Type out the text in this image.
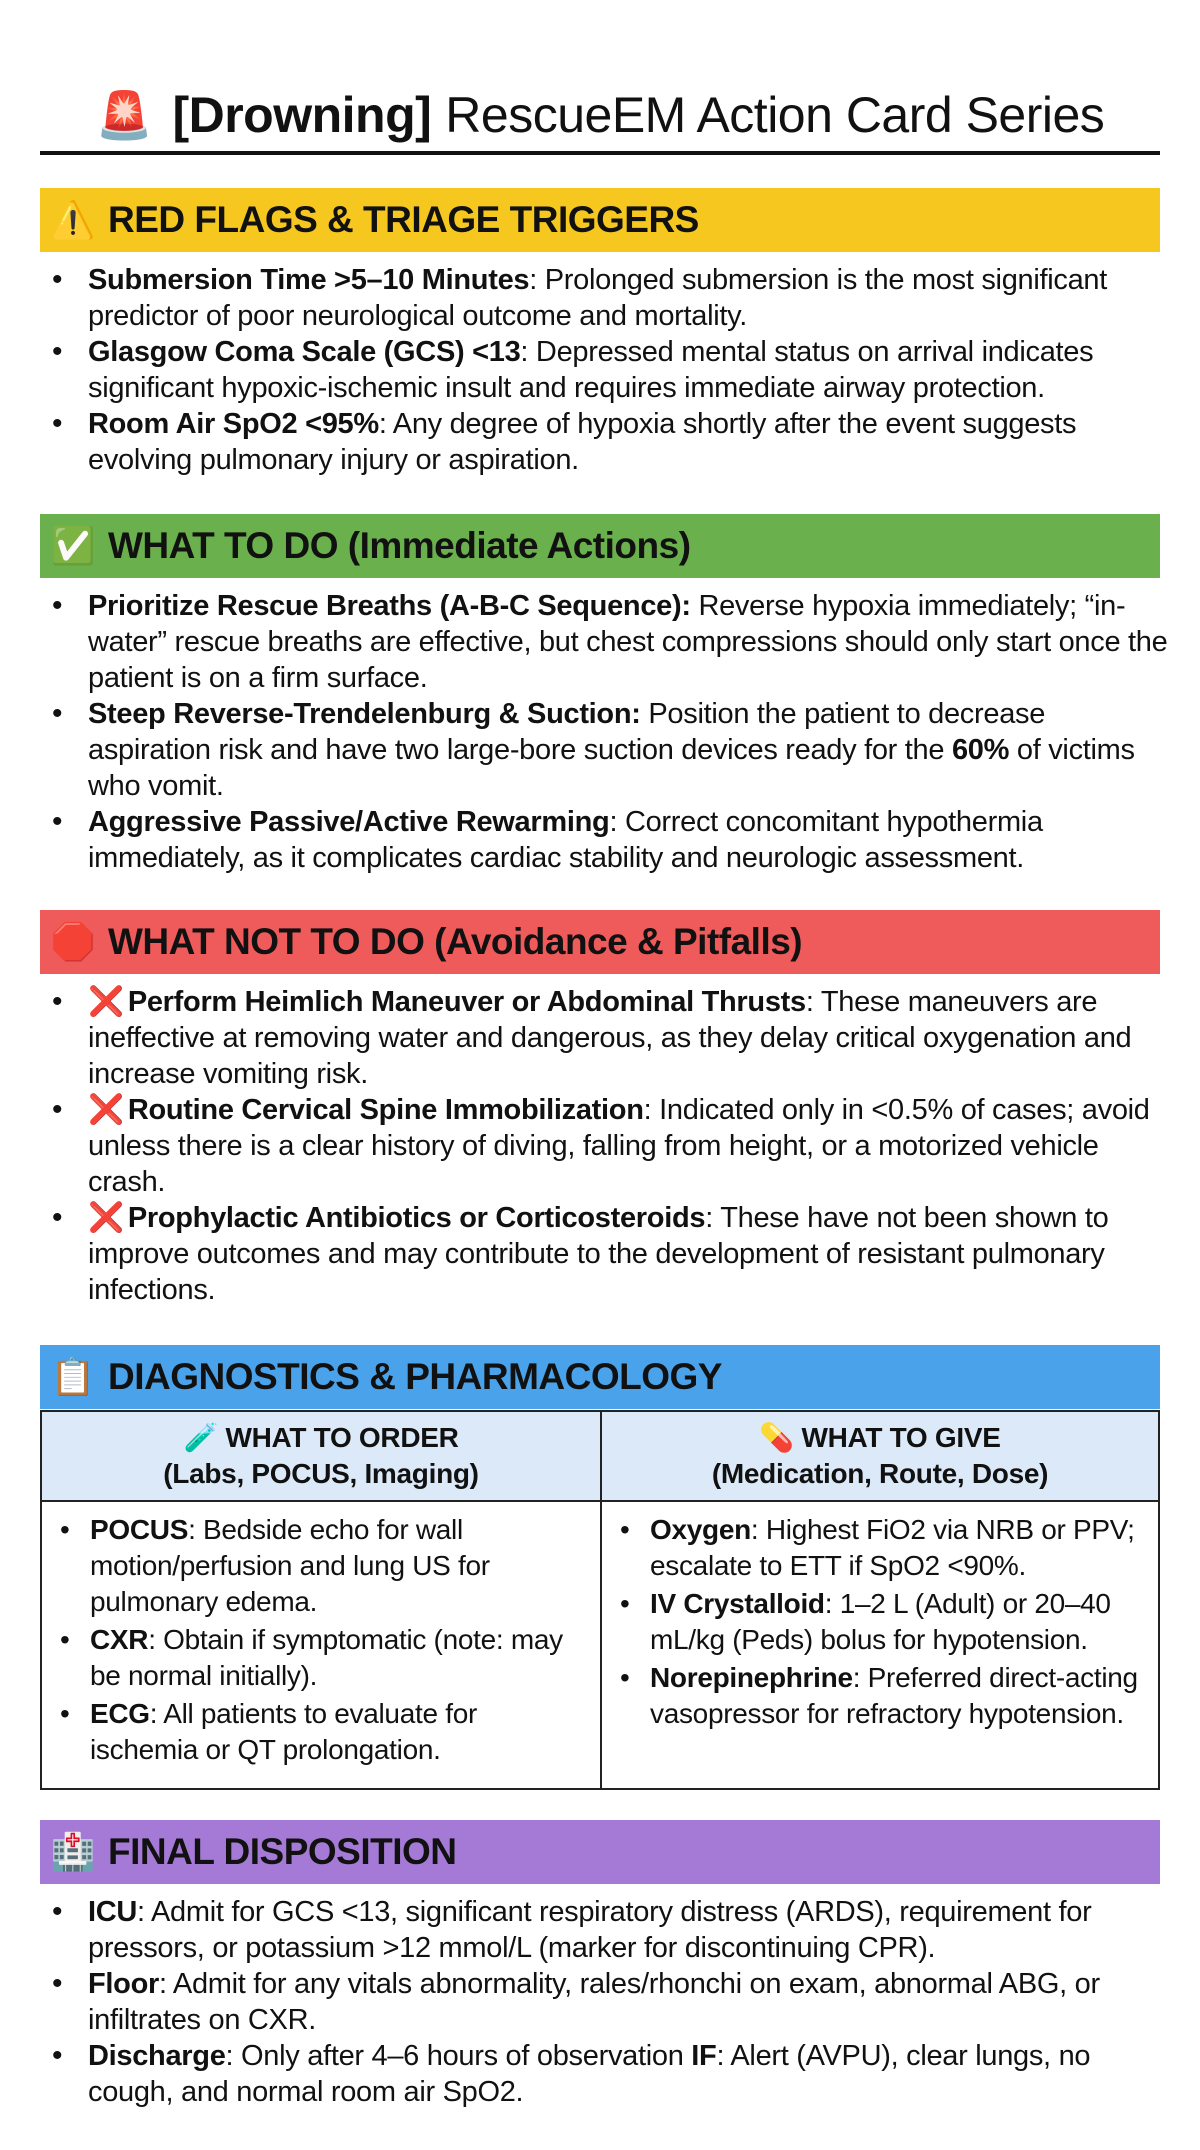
🚨 [Drowning] RescueEM Action Card Series
⚠️ RED FLAGS & TRIAGE TRIGGERS
• Submersion Time >5–10 Minutes: Prolonged submersion is the most significant predictor of poor neurological outcome and mortality.
• Glasgow Coma Scale (GCS) <13: Depressed mental status on arrival indicates significant hypoxic-ischemic insult and requires immediate airway protection.
• Room Air SpO2 <95%: Any degree of hypoxia shortly after the event suggests evolving pulmonary injury or aspiration.
✅ WHAT TO DO (Immediate Actions)
• Prioritize Rescue Breaths (A-B-C Sequence): Reverse hypoxia immediately; “in-water” rescue breaths are effective, but chest compressions should only start once the patient is on a firm surface.
• Steep Reverse-Trendelenburg & Suction: Position the patient to decrease aspiration risk and have two large-bore suction devices ready for the 60% of victims who vomit.
• Aggressive Passive/Active Rewarming: Correct concomitant hypothermia immediately, as it complicates cardiac stability and neurologic assessment.
🛑 WHAT NOT TO DO (Avoidance & Pitfalls)
• ❌ Perform Heimlich Maneuver or Abdominal Thrusts: These maneuvers are ineffective at removing water and dangerous, as they delay critical oxygenation and increase vomiting risk.
• ❌ Routine Cervical Spine Immobilization: Indicated only in <0.5% of cases; avoid unless there is a clear history of diving, falling from height, or a motorized vehicle crash.
• ❌ Prophylactic Antibiotics or Corticosteroids: These have not been shown to improve outcomes and may contribute to the development of resistant pulmonary infections.
📋 DIAGNOSTICS & PHARMACOLOGY
🧪 WHAT TO ORDER
(Labs, POCUS, Imaging)
• POCUS: Bedside echo for wall motion/perfusion and lung US for pulmonary edema.
• CXR: Obtain if symptomatic (note: may be normal initially).
• ECG: All patients to evaluate for ischemia or QT prolongation.
💊 WHAT TO GIVE
(Medication, Route, Dose)
• Oxygen: Highest FiO2 via NRB or PPV; escalate to ETT if SpO2 <90%.
• IV Crystalloid: 1–2 L (Adult) or 20–40 mL/kg (Peds) bolus for hypotension.
• Norepinephrine: Preferred direct-acting vasopressor for refractory hypotension.
🏥 FINAL DISPOSITION
• ICU: Admit for GCS <13, significant respiratory distress (ARDS), requirement for pressors, or potassium >12 mmol/L (marker for discontinuing CPR).
• Floor: Admit for any vitals abnormality, rales/rhonchi on exam, abnormal ABG, or infiltrates on CXR.
• Discharge: Only after 4–6 hours of observation IF: Alert (AVPU), clear lungs, no cough, and normal room air SpO2.
